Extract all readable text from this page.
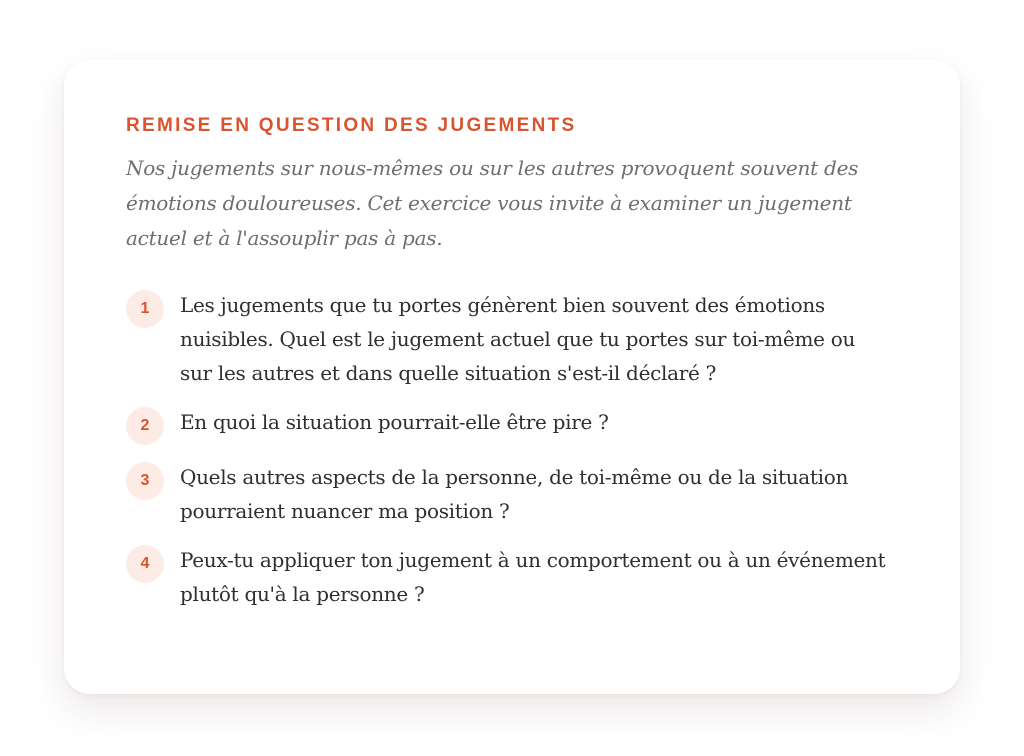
REMISE EN QUESTION DES JUGEMENTS

Nos jugements sur nous-mêmes ou sur les autres provoquent souvent des émotions douloureuses. Cet exercice vous invite à examiner un jugement actuel et à l'assouplir pas à pas.

1	Les jugements que tu portes génèrent bien souvent des émotions nuisibles. Quel est le jugement actuel que tu portes sur toi-même ou sur les autres et dans quelle situation s'est-il déclaré ?
2	En quoi la situation pourrait-elle être pire ?
3	Quels autres aspects de la personne, de toi-même ou de la situation pourraient nuancer ma position ?
4	Peux-tu appliquer ton jugement à un comportement ou à un événement plutôt qu'à la personne ?
